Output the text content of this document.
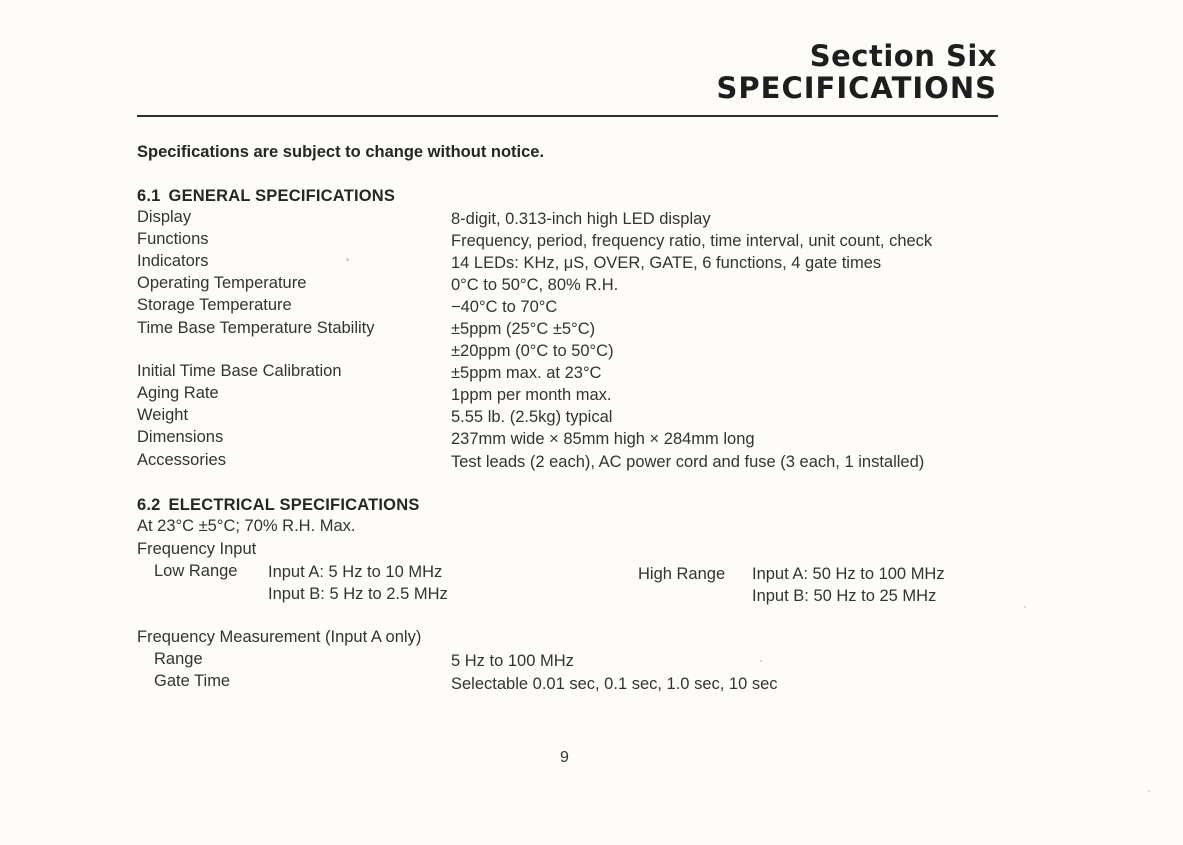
Section Six
SPECIFICATIONS
Specifications are subject to change without notice.
6.1 GENERAL SPECIFICATIONS
Display	8-digit, 0.313-inch high LED display
Functions	Frequency, period, frequency ratio, time interval, unit count, check
Indicators	14 LEDs: KHz, μS, OVER, GATE, 6 functions, 4 gate times
Operating Temperature	0°C to 50°C, 80% R.H.
Storage Temperature	−40°C to 70°C
Time Base Temperature Stability	±5ppm (25°C ±5°C)
±20ppm (0°C to 50°C)
Initial Time Base Calibration	±5ppm max. at 23°C
Aging Rate	1ppm per month max.
Weight	5.55 lb. (2.5kg) typical
Dimensions	237mm wide × 85mm high × 284mm long
Accessories	Test leads (2 each), AC power cord and fuse (3 each, 1 installed)
6.2 ELECTRICAL SPECIFICATIONS
At 23°C ±5°C; 70% R.H. Max.
Frequency Input
Low Range Input A: 5 Hz to 10 MHz
Input B: 5 Hz to 2.5 MHz
High Range Input A: 50 Hz to 100 MHz
Input B: 50 Hz to 25 MHz
Frequency Measurement (Input A only)
Range	5 Hz to 100 MHz
Gate Time	Selectable 0.01 sec, 0.1 sec, 1.0 sec, 10 sec
9
